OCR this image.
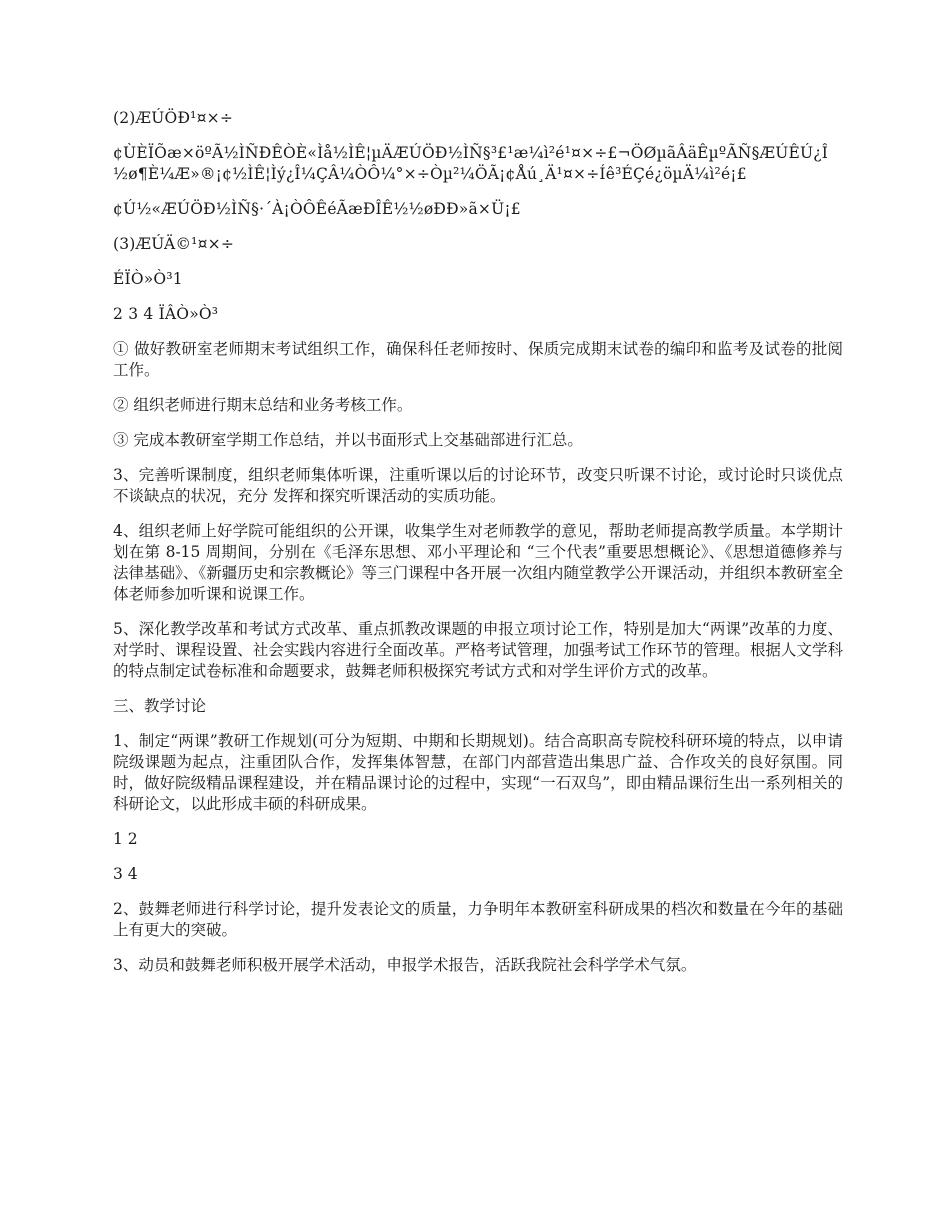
(2)ÆÚÖÐ¹¤×÷

¢ÙÈÏÕæ×öºÃ½ÌÑÐÊÒÈ«Ìå½ÌÊ¦µÄÆÚÖÐ½ÌÑ§³£¹æ¼ì²é¹¤×÷£¬ÖØµãÂäÊµºÃÑ§ÆÚÊÚ¿Î½ø¶È¼Æ»®¡¢½ÌÊ¦Ìý¿Î¼ÇÂ¼ÒÔ¼°×÷Òµ²¼ÖÃ¡¢Åú¸Ä¹¤×÷Íê³ÉÇé¿öµÄ¼ì²é¡£

¢Ú½«ÆÚÖÐ½ÌÑ§·´À¡ÒÔÊéÃæÐÎÊ½½øÐÐ»ã×Ü¡£

(3)ÆÚÄ©¹¤×÷

ÉÏÒ»Ò³1

2 3 4 ÏÂÒ»Ò³

① 做好教研室老师期末考试组织工作，确保科任老师按时、保质完成期末试卷的编印和监考及试卷的批阅工作。

② 组织老师进行期末总结和业务考核工作。

③ 完成本教研室学期工作总结，并以书面形式上交基础部进行汇总。

3、完善听课制度，组织老师集体听课，注重听课以后的讨论环节，改变只听课不讨论，或讨论时只谈优点不谈缺点的状况，充分 发挥和探究听课活动的实质功能。

4、组织老师上好学院可能组织的公开课，收集学生对老师教学的意见，帮助老师提高教学质量。本学期计划在第 8-15 周期间，分别在《毛泽东思想、邓小平理论和 “三个代表”重要思想概论》、《思想道德修养与法律基础》、《新疆历史和宗教概论》等三门课程中各开展一次组内随堂教学公开课活动，并组织本教研室全体老师参加听课和说课工作。

5、深化教学改革和考试方式改革、重点抓教改课题的申报立项讨论工作，特别是加大“两课”改革的力度、对学时、课程设置、社会实践内容进行全面改革。严格考试管理，加强考试工作环节的管理。根据人文学科的特点制定试卷标准和命题要求，鼓舞老师积极探究考试方式和对学生评价方式的改革。

三、教学讨论

1、制定“两课”教研工作规划(可分为短期、中期和长期规划)。结合高职高专院校科研环境的特点，以申请院级课题为起点，注重团队合作，发挥集体智慧，在部门内部营造出集思广益、合作攻关的良好氛围。同时，做好院级精品课程建设，并在精品课讨论的过程中，实现“一石双鸟”，即由精品课衍生出一系列相关的科研论文，以此形成丰硕的科研成果。

1 2

3 4

2、鼓舞老师进行科学讨论，提升发表论文的质量，力争明年本教研室科研成果的档次和数量在今年的基础上有更大的突破。

3、动员和鼓舞老师积极开展学术活动，申报学术报告，活跃我院社会科学学术气氛。
